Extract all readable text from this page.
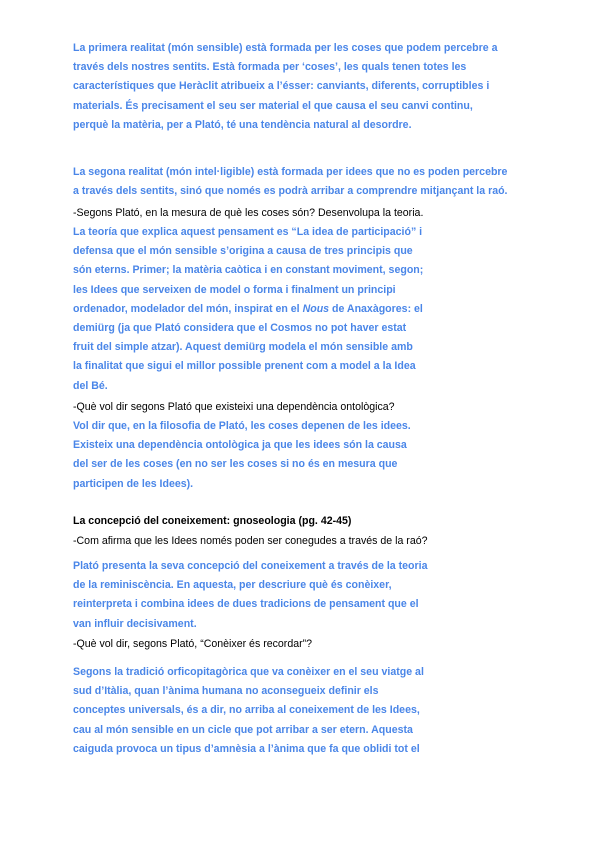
La primera realitat (món sensible) està formada per les coses que podem percebre a
través dels nostres sentits. Està formada per ‘coses’, les quals tenen totes les
característiques que Heràclit atribueix a l’ésser: canviants, diferents, corruptibles i
materials. És precisament el seu ser material el que causa el seu canvi continu,
perquè la matèria, per a Plató, té una tendència natural al desordre.
La segona realitat (món intel·ligible) està formada per idees que no es poden percebre
a través dels sentits, sinó que només es podrà arribar a comprendre mitjançant la raó.
-Segons Plató, en la mesura de què les coses són? Desenvolupa la teoria.
La teoría que explica aquest pensament es “La idea de participació” i
defensa que el món sensible s’origina a causa de tres principis que
són eterns. Primer; la matèria caòtica i en constant moviment, segon;
les Idees que serveixen de model o forma i finalment un principi
ordenador, modelador del món, inspirat en el Nous de Anaxàgores: el
demiürg (ja que Plató considera que el Cosmos no pot haver estat
fruit del simple atzar). Aquest demiürg modela el món sensible amb
la finalitat que sigui el millor possible prenent com a model a la Idea
del Bé.
-Què vol dir segons Plató que existeixi una dependència ontològica?
Vol dir que, en la filosofia de Plató, les coses depenen de les idees.
Existeix una dependència ontològica ja que les idees són la causa
del ser de les coses (en no ser les coses si no és en mesura que
participen de les Idees).
La concepció del coneixement: gnoseologia (pg. 42-45)
-Com afirma que les Idees només poden ser conegudes a través de la raó?
Plató presenta la seva concepció del coneixement a través de la teoria
de la reminiscència. En aquesta, per descriure què és conèixer,
reinterpreta i combina idees de dues tradicions de pensament que el
van influir decisivament.
-Què vol dir, segons Plató, “Conèixer és recordar”?
Segons la tradició orficopitagòrica que va conèixer en el seu viatge al
sud d’Itàlia, quan l’ànima humana no aconsegueix definir els
conceptes universals, és a dir, no arriba al coneixement de les Idees,
cau al món sensible en un cicle que pot arribar a ser etern. Aquesta
caiguda provoca un tipus d’amnèsia a l’ànima que fa que oblidi tot el
